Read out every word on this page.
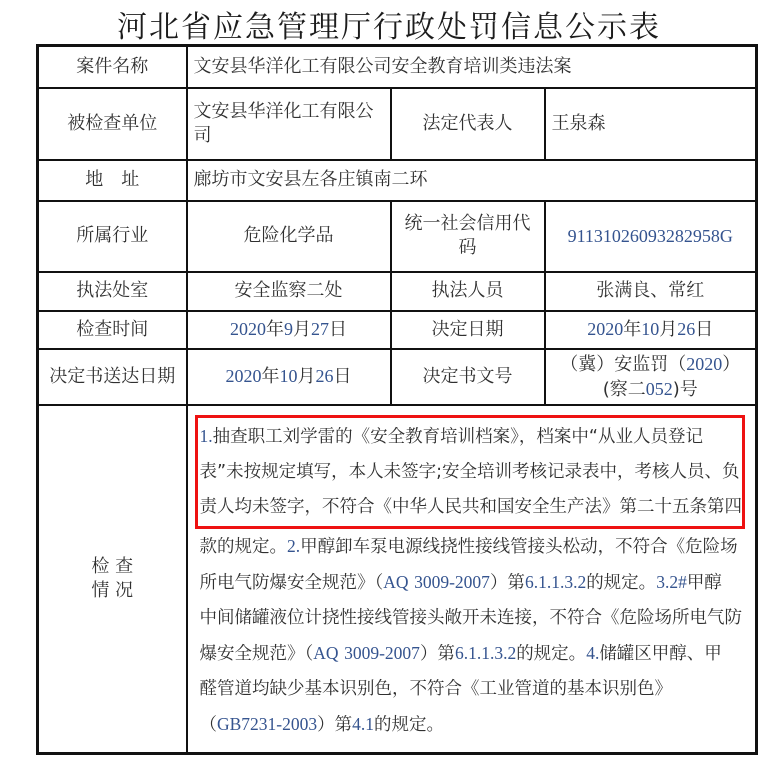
河北省应急管理厅行政处罚信息公示表
案件名称	文安县华洋化工有限公司安全教育培训类违法案		
被检查单位	文安县华洋化工有限公司	法定代表人	王泉森
地　址	廊坊市文安县左各庄镇南二环		
所属行业	危险化学品	统一社会信用代码	91131026093282958G
执法处室	安全监察二处	执法人员	张满良、常红
检查时间	2020年9月27日	决定日期	2020年10月26日
决定书送达日期	2020年10月26日	决定书文号	（冀）安监罚（2020）
(察二052)号

检 查
情 况

1.抽查职工刘学雷的《安全教育培训档案》，档案中“从业人员登记
表”未按规定填写，本人未签字;安全培训考核记录表中，考核人员、负
责人均未签字，不符合《中华人民共和国安全生产法》第二十五条第四
款的规定。2.甲醇卸车泵电源线挠性接线管接头松动，不符合《危险场
所电气防爆安全规范》（AQ 3009-2007）第6.1.1.3.2的规定。3.2#甲醇
中间储罐液位计挠性接线管接头敞开未连接，不符合《危险场所电气防
爆安全规范》（AQ 3009-2007）第6.1.1.3.2的规定。4.储罐区甲醇、甲
醛管道均缺少基本识别色，不符合《工业管道的基本识别色》
（GB7231-2003）第4.1的规定。
